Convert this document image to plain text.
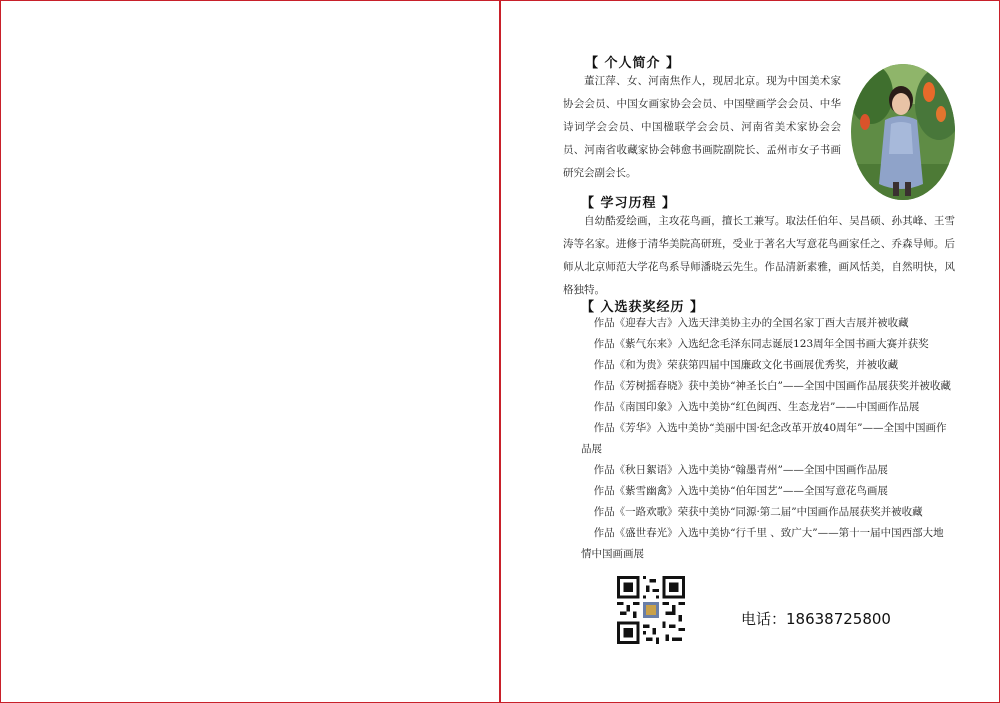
【 个人简介 】
董江萍、女、河南焦作人，现居北京。现为中国美术家协会会员、中国女画家协会会员、中国壁画学会会员、中华诗词学会会员、中国楹联学会会员、河南省美术家协会会员、河南省收藏家协会韩愈书画院副院长、孟州市女子书画研究会副会长。
【 学习历程 】
自幼酷爱绘画，主攻花鸟画，擅长工兼写。取法任伯年、吴昌硕、孙其峰、王雪涛等名家。进修于清华美院高研班，受业于著名大写意花鸟画家任之、乔森导师。后师从北京师范大学花鸟系导师潘晓云先生。作品清新素雅，画风恬美，自然明快，风格独特。
【 入选获奖经历 】
作品《迎春大吉》入选天津美协主办的全国名家丁酉大吉展并被收藏
作品《紫气东来》入选纪念毛泽东同志诞辰123周年全国书画大赛并获奖
作品《和为贵》荣获第四届中国廉政文化书画展优秀奖，并被收藏
作品《芳树摇春晓》获中美协“神圣长白”——全国中国画作品展获奖并被收藏
作品《南国印象》入选中美协“红色闽西、生态龙岩”——中国画作品展
作品《芳华》入选中美协“美丽中国·纪念改革开放40周年”——全国中国画作品展
作品《秋日絮语》入选中美协“翰墨青州”——全国中国画作品展
作品《紫雪幽禽》入选中美协“伯年国艺”——全国写意花鸟画展
作品《一路欢歌》荣获中美协“同源·第二届”中国画作品展获奖并被收藏
作品《盛世春光》入选中美协“行千里 、致广大”——第十一届中国西部大地情中国画画展
电话：18638725800
